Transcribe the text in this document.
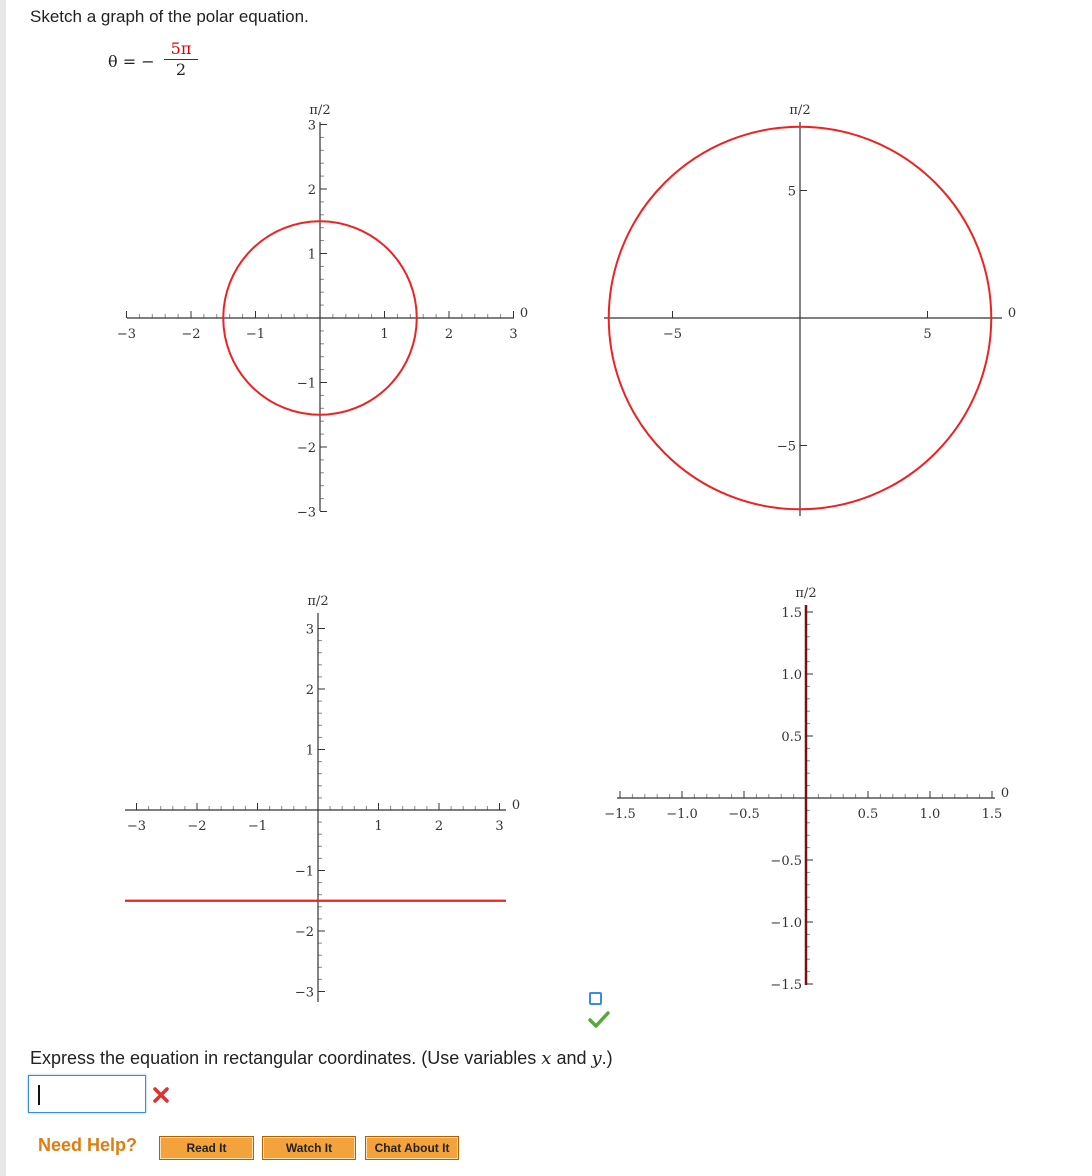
Sketch a graph of the polar equation.
θ = −
5π
2
−3	−2	−1	1	2	3
3
2
1
−1
−2
−3
π/2
0
−5	5
5
−5
π/2
0
−3	−2	−1	1	2	3
3
2
1
−1
−2
−3
π/2
0
−1.5 −1.0 −0.5	0.5	1.0	1.5
1.5
1.0
0.5
−0.5
−1.0
−1.5
π/2
0
Express the equation in rectangular coordinates. (Use variables x and y.)
Need Help?	Read It	Watch It	Chat About It
